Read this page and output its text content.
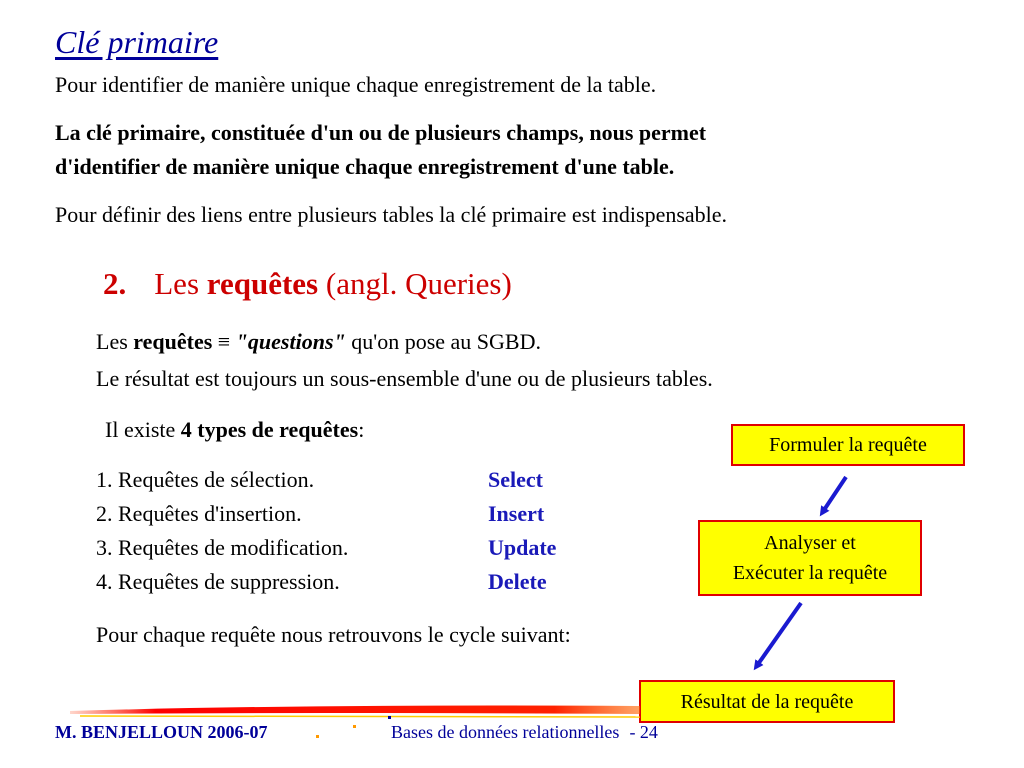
Clé primaire
Pour identifier de manière unique chaque enregistrement de la table.
La clé primaire, constituée d'un ou de plusieurs champs, nous permet
d'identifier de manière unique chaque enregistrement d'une table.
Pour définir des liens entre plusieurs tables la clé primaire est indispensable.
2. Les requêtes (angl. Queries)
Les requêtes ≡ "questions" qu'on pose au SGBD.
Le résultat est toujours un sous-ensemble d'une ou de plusieurs tables.
Il existe 4 types de requêtes:
1. Requêtes de sélection.	Select
2. Requêtes d'insertion.	Insert
3. Requêtes de modification.	Update
4. Requêtes de suppression.	Delete
Pour chaque requête nous retrouvons le cycle suivant:
Formuler la requête
Analyser et
Exécuter la requête
Résultat de la requête
M. BENJELLOUN 2006-07	Bases de données relationnelles - 24
